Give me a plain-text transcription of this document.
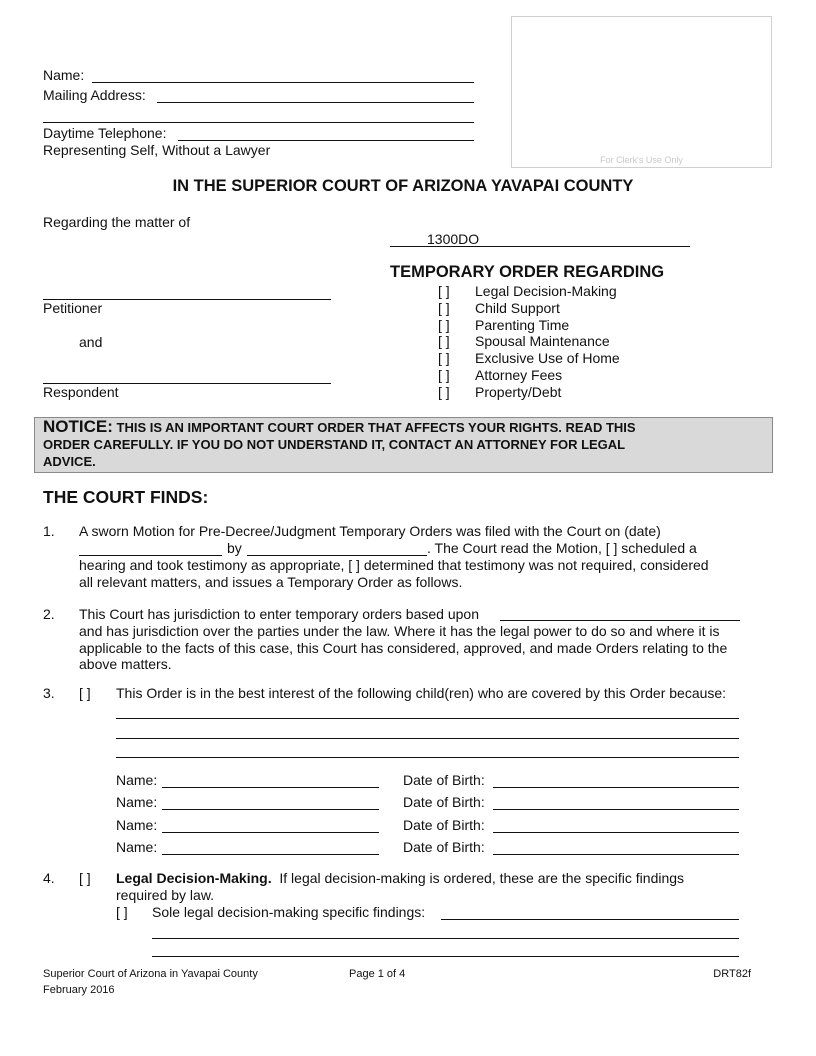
Name:
Mailing Address:
Daytime Telephone:
Representing Self, Without a Lawyer
For Clerk's Use Only
IN THE SUPERIOR COURT OF ARIZONA YAVAPAI COUNTY
Regarding the matter of
1300DO
TEMPORARY ORDER REGARDING
[ ] Legal Decision-Making
[ ] Child Support
[ ] Parenting Time
[ ] Spousal Maintenance
[ ] Exclusive Use of Home
[ ] Attorney Fees
[ ] Property/Debt
Petitioner
and
Respondent
NOTICE: THIS IS AN IMPORTANT COURT ORDER THAT AFFECTS YOUR RIGHTS. READ THIS
ORDER CAREFULLY. IF YOU DO NOT UNDERSTAND IT, CONTACT AN ATTORNEY FOR LEGAL
ADVICE.
THE COURT FINDS:
1. A sworn Motion for Pre-Decree/Judgment Temporary Orders was filed with the Court on (date)
by	. The Court read the Motion, [ ] scheduled a
hearing and took testimony as appropriate, [ ] determined that testimony was not required, considered
all relevant matters, and issues a Temporary Order as follows.
2. This Court has jurisdiction to enter temporary orders based upon
and has jurisdiction over the parties under the law. Where it has the legal power to do so and where it is
applicable to the facts of this case, this Court has considered, approved, and made Orders relating to the
above matters.
3. [ ] This Order is in the best interest of the following child(ren) who are covered by this Order because:
Name:	Date of Birth:
Name:	Date of Birth:
Name:	Date of Birth:
Name:	Date of Birth:
4. [ ] Legal Decision-Making. If legal decision-making is ordered, these are the specific findings
required by law.
[ ] Sole legal decision-making specific findings:
Superior Court of Arizona in Yavapai County
February 2016
Page 1 of 4	DRT82f
